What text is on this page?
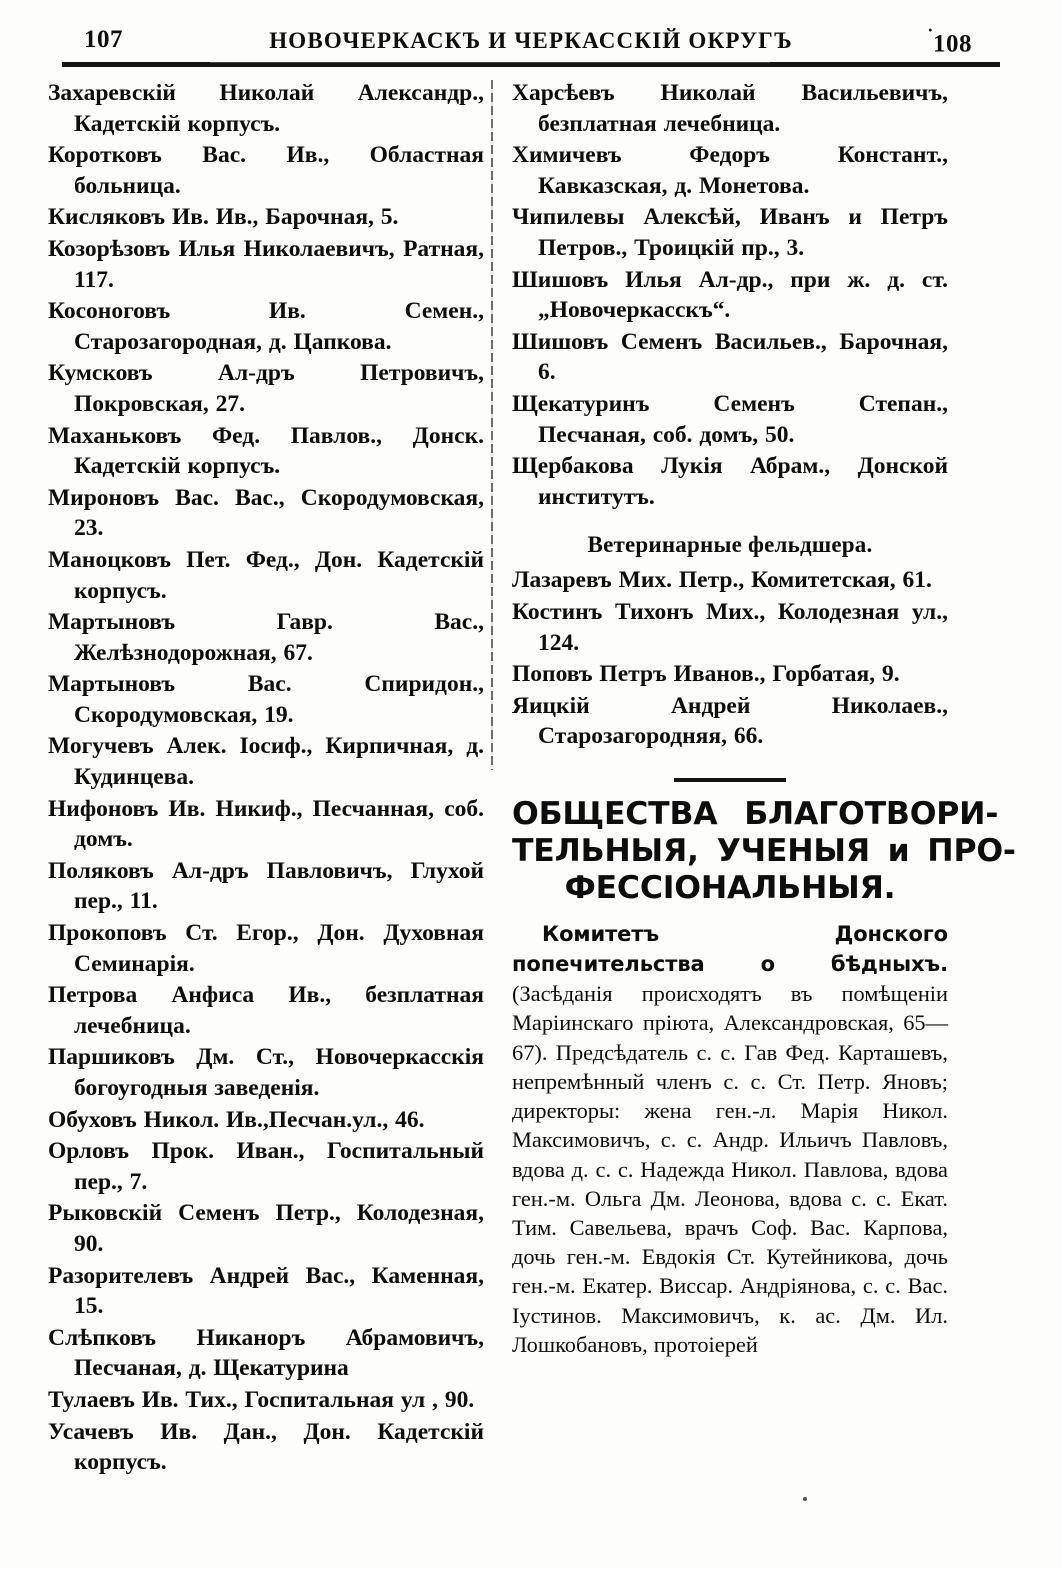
107	НОВОЧЕРКАСКЪ И ЧЕРКАССКІЙ ОКРУГЪ	˙108

Захаревскій Николай Александр., Кадетскій корпусъ.

Коротковъ Вас. Ив., Областная больница.

Кисляковъ Ив. Ив., Барочная, 5.

Козорѣзовъ Илья Николаевичъ, Ратная, 117.

Косоноговъ Ив. Семен., Старозагородная, д. Цапкова.

Кумсковъ Ал-дръ Петровичъ, Покровская, 27.

Маханьковъ Фед. Павлов., Донск. Кадетскій корпусъ.

Мироновъ Вас. Вас., Скородумовская, 23.

Маноцковъ Пет. Фед., Дон. Кадетскій корпусъ.

Мартыновъ Гавр. Вас., Желѣзнодорожная, 67.

Мартыновъ Вас. Спиридон., Скородумовская, 19.

Могучевъ Алек. Іосиф., Кирпичная, д. Кудинцева.

Нифоновъ Ив. Никиф., Песчанная, соб. домъ.

Поляковъ Ал-дръ Павловичъ, Глухой пер., 11.

Прокоповъ Ст. Егор., Дон. Духовная Семинарія.

Петрова Анфиса Ив., безплатная лечебница.

Паршиковъ Дм. Ст., Новочеркасскія богоугодныя заведенія.

Обуховъ Никол. Ив.,Песчан.ул., 46.

Орловъ Прок. Иван., Госпитальный пер., 7.

Рыковскій Семенъ Петр., Колодезная, 90.

Разорителевъ Андрей Вас., Каменная, 15.

Слѣпковъ Никаноръ Абрамовичъ, Песчаная, д. Щекатурина

Тулаевъ Ив. Тих., Госпитальная ул , 90.

Усачевъ Ив. Дан., Дон. Кадетскій корпусъ.

Харсѣевъ Николай Васильевичъ, безплатная лечебница.

Химичевъ Федоръ Констант., Кавказская, д. Монетова.

Чипилевы Алексѣй, Иванъ и Петръ Петров., Троицкій пр., 3.

Шишовъ Илья Ал-др., при ж. д. ст. „Новочеркасскъ“.

Шишовъ Семенъ Васильев., Барочная, 6.

Щекатуринъ Семенъ Степан., Песчаная, соб. домъ, 50.

Щербакова Лукія Абрам., Донской институтъ.

Ветеринарные фельдшера.

Лазаревъ Мих. Петр., Комитетская, 61.

Костинъ Тихонъ Мих., Колодезная ул., 124.

Поповъ Петръ Иванов., Горбатая, 9.

Яицкій Андрей Николаев., Старозагородняя, 66.

ОБЩЕСТВА БЛАГОТВОРИ-
ТЕЛЬНЫЯ, УЧЕНЫЯ и ПРО-
ФЕССІОНАЛЬНЫЯ.

Комитетъ Донского попечительства о бѣдныхъ. (Засѣданія происходятъ въ помѣщеніи Маріинскаго пріюта, Александровская, 65—67). Предсѣдатель с. с. Гав Фед. Карташевъ, непремѣнный членъ с. с. Ст. Петр. Яновъ; директоры: жена ген.-л. Марія Никол. Максимовичъ, с. с. Андр. Ильичъ Павловъ, вдова д. с. с. Надежда Никол. Павлова, вдова ген.-м. Ольга Дм. Леонова, вдова с. с. Екат. Тим. Савельева, врачъ Соф. Вас. Карпова, дочь ген.-м. Евдокія Ст. Кутейникова, дочь ген.-м. Екатер. Виссар. Андріянова, с. с. Вас. Іустинов. Максимовичъ, к. ас. Дм. Ил. Лошкобановъ, протоіерей
